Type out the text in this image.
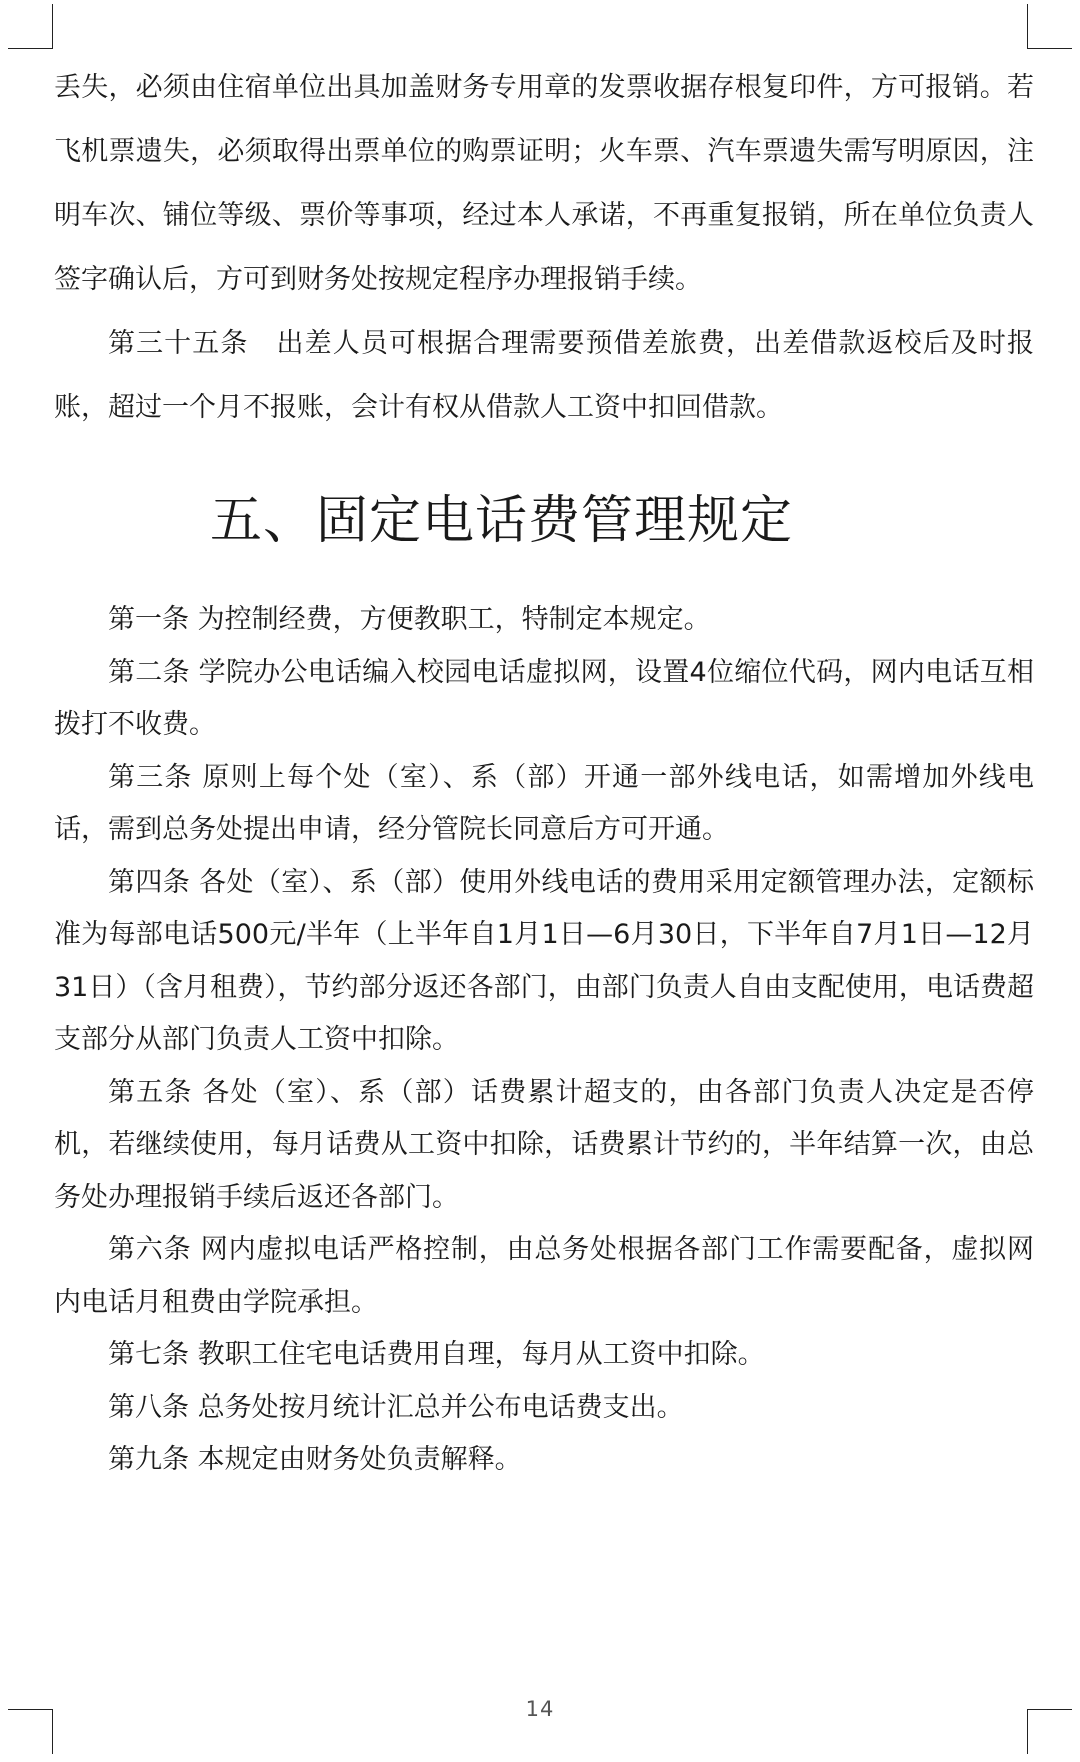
丢失，必须由住宿单位出具加盖财务专用章的发票收据存根复印件，方可报销。若飞机票遗失，必须取得出票单位的购票证明；火车票、汽车票遗失需写明原因，注明车次、铺位等级、票价等事项，经过本人承诺，不再重复报销，所在单位负责人签字确认后，方可到财务处按规定程序办理报销手续。

第三十五条　出差人员可根据合理需要预借差旅费，出差借款返校后及时报账，超过一个月不报账，会计有权从借款人工资中扣回借款。

五、固定电话费管理规定

第一条 为控制经费，方便教职工，特制定本规定。

第二条 学院办公电话编入校园电话虚拟网，设置4位缩位代码，网内电话互相拨打不收费。

第三条 原则上每个处（室）、系（部）开通一部外线电话，如需增加外线电话，需到总务处提出申请，经分管院长同意后方可开通。

第四条 各处（室）、系（部）使用外线电话的费用采用定额管理办法，定额标准为每部电话500元/半年（上半年自1月1日—6月30日，下半年自7月1日—12月31日）（含月租费），节约部分返还各部门，由部门负责人自由支配使用，电话费超支部分从部门负责人工资中扣除。

第五条 各处（室）、系（部）话费累计超支的，由各部门负责人决定是否停机，若继续使用，每月话费从工资中扣除，话费累计节约的，半年结算一次，由总务处办理报销手续后返还各部门。

第六条 网内虚拟电话严格控制，由总务处根据各部门工作需要配备，虚拟网内电话月租费由学院承担。

第七条 教职工住宅电话费用自理，每月从工资中扣除。

第八条 总务处按月统计汇总并公布电话费支出。

第九条 本规定由财务处负责解释。

14
